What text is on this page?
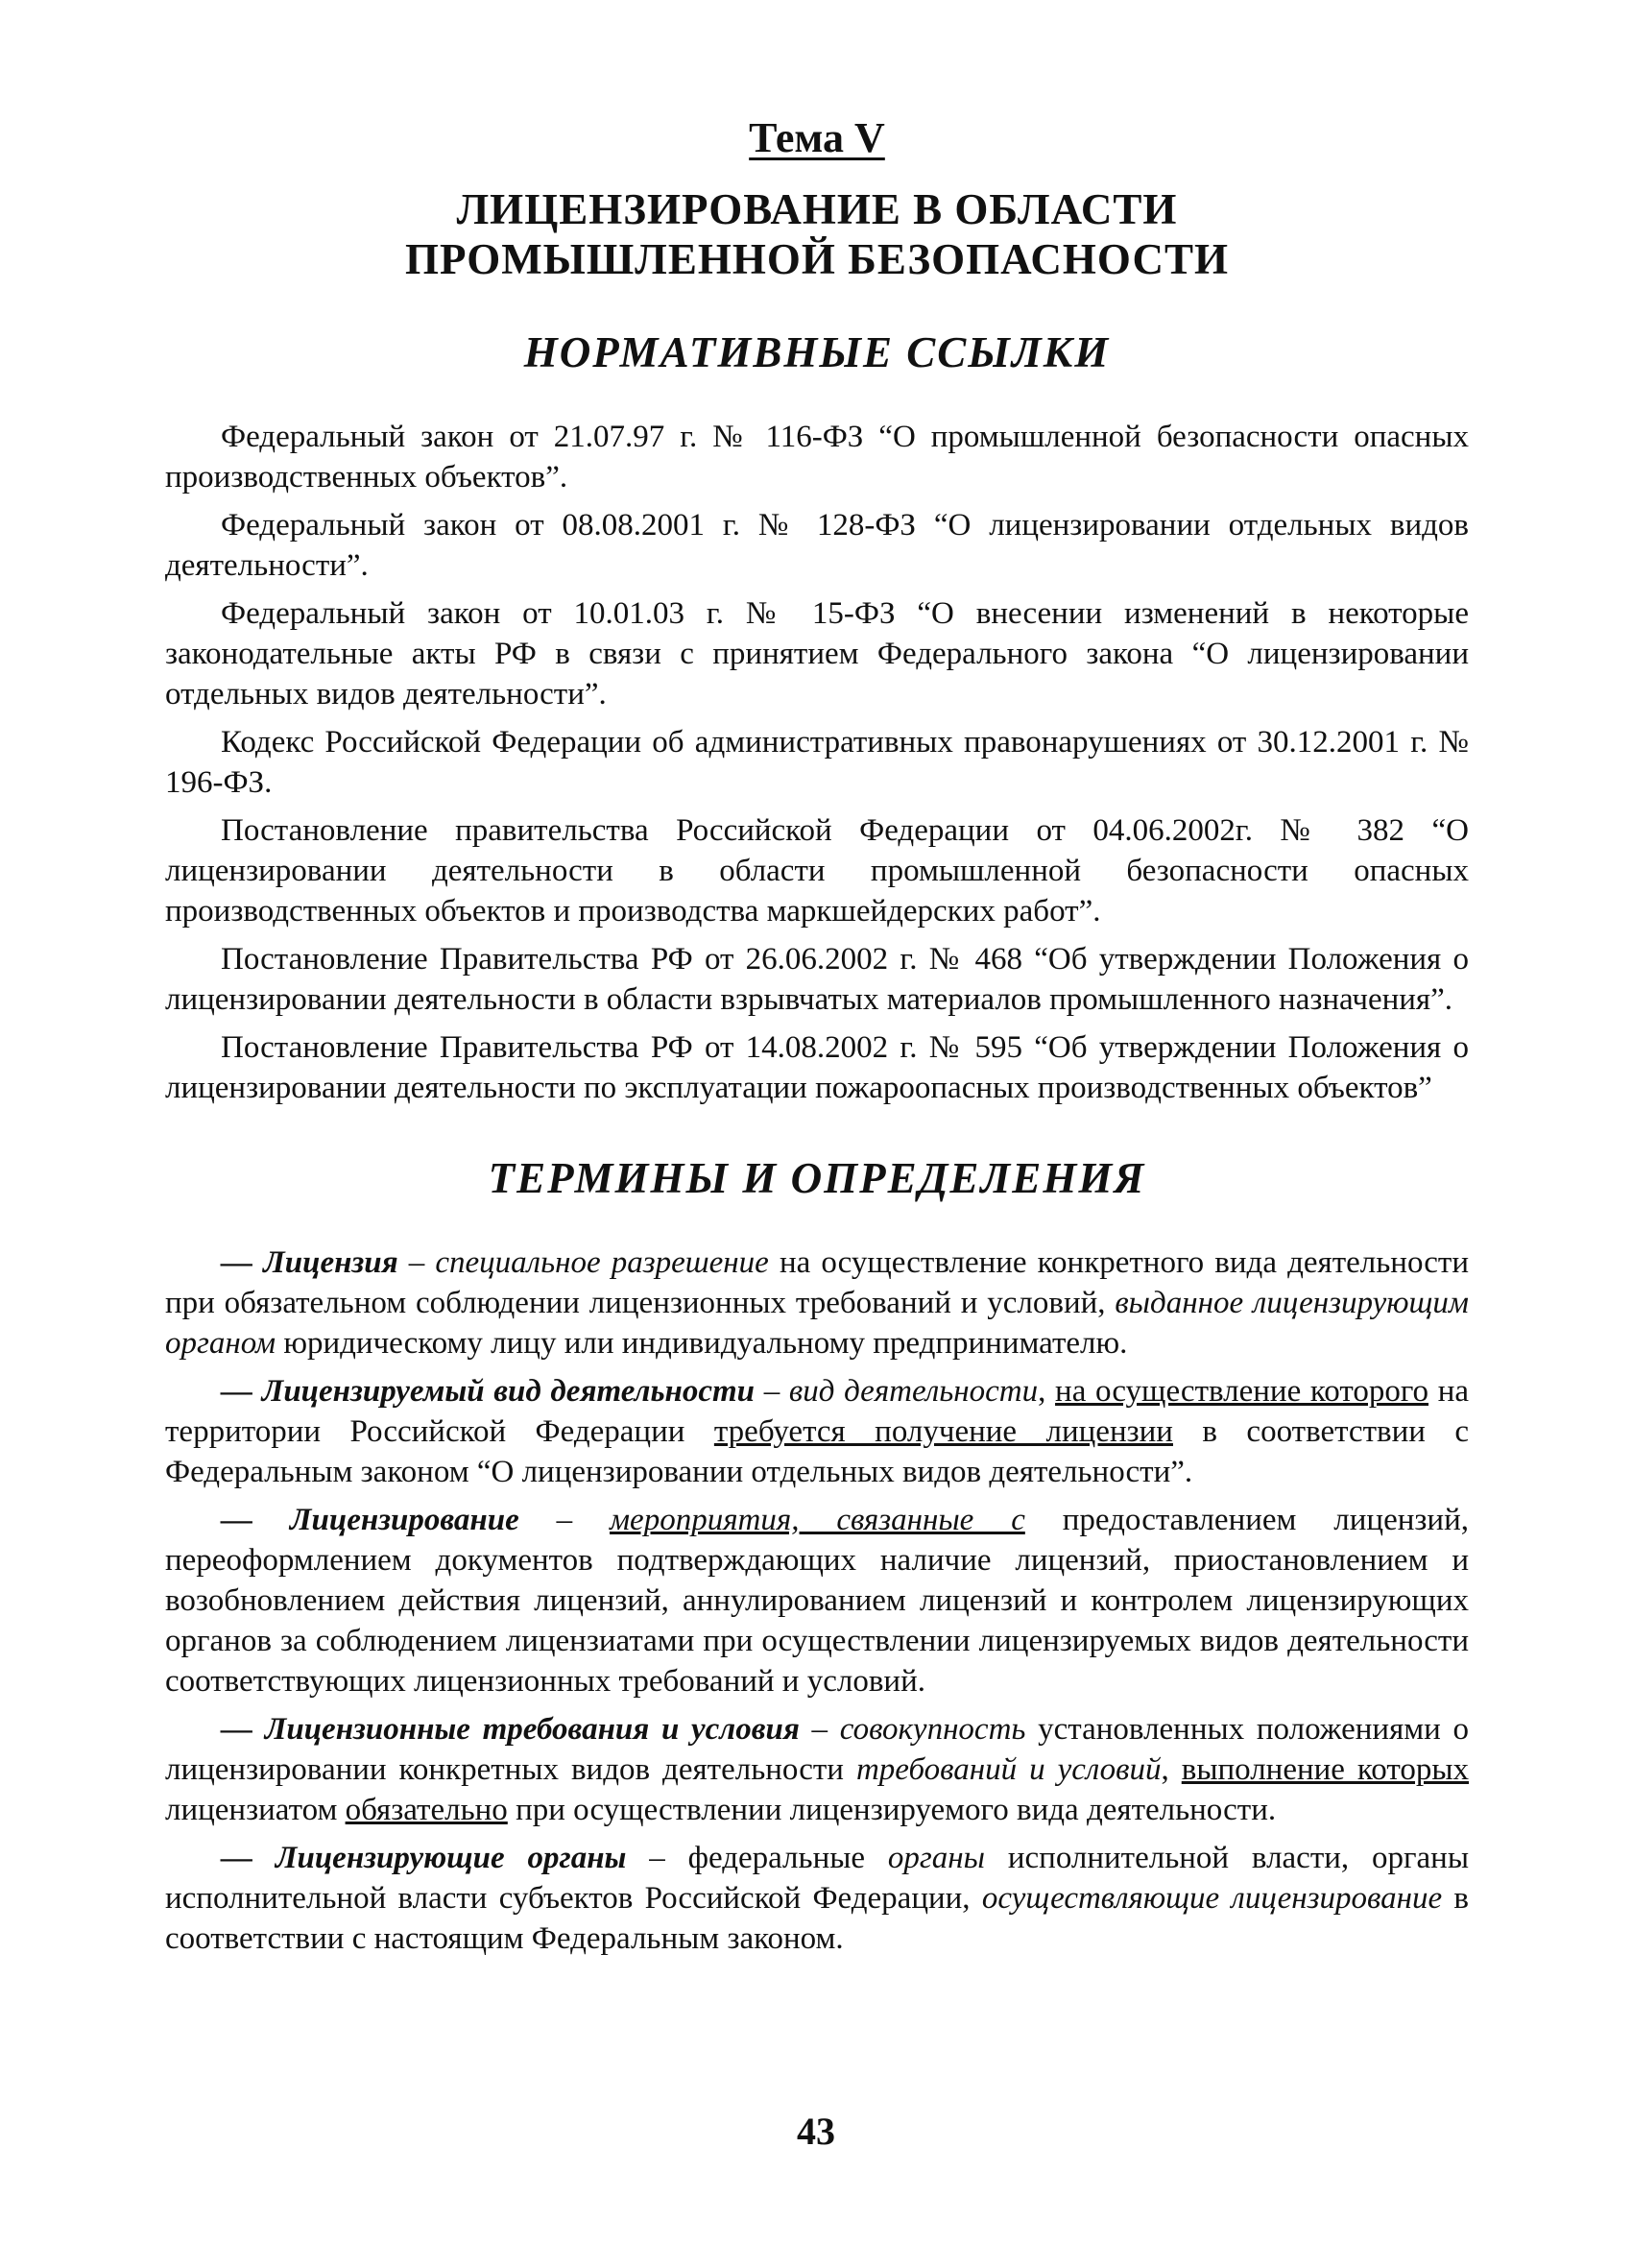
Тема V
ЛИЦЕНЗИРОВАНИЕ В ОБЛАСТИ
ПРОМЫШЛЕННОЙ БЕЗОПАСНОСТИ
НОРМАТИВНЫЕ ССЫЛКИ

Федеральный закон от 21.07.97 г. № 116-ФЗ “О промышленной безопасности опасных производственных объектов”.

Федеральный закон от 08.08.2001 г. № 128-ФЗ “О лицензировании отдельных видов деятельности”.

Федеральный закон от 10.01.03 г. № 15-ФЗ “О внесении изменений в некоторые законодательные акты РФ в связи с принятием Федерального закона “О лицензировании отдельных видов деятельности”.

Кодекс Российской Федерации об административных правонарушениях от 30.12.2001 г. № 196-ФЗ.

Постановление правительства Российской Федерации от 04.06.2002г. № 382 “О лицензировании деятельности в области промышленной безопасности опасных производственных объектов и производства маркшейдерских работ”.

Постановление Правительства РФ от 26.06.2002 г. № 468 “Об утверждении Положения о лицензировании деятельности в области взрывчатых материалов промышленного назначения”.

Постановление Правительства РФ от 14.08.2002 г. № 595 “Об утверждении Положения о лицензировании деятельности по эксплуатации пожароопасных производственных объектов”

ТЕРМИНЫ И ОПРЕДЕЛЕНИЯ

— Лицензия – специальное разрешение на осуществление конкретного вида деятельности при обязательном соблюдении лицензионных требований и условий, выданное лицензирующим органом юридическому лицу или индивидуальному предпринимателю.

— Лицензируемый вид деятельности – вид деятельности, на осуществление которого на территории Российской Федерации требуется получение лицензии в соответствии с Федеральным законом “О лицензировании отдельных видов деятельности”.

— Лицензирование – мероприятия, связанные с предоставлением лицензий, переоформлением документов подтверждающих наличие лицензий, приостановлением и возобновлением действия лицензий, аннулированием лицензий и контролем лицензирующих органов за соблюдением лицензиатами при осуществлении лицензируемых видов деятельности соответствующих лицензионных требований и условий.

— Лицензионные требования и условия – совокупность установленных положениями о лицензировании конкретных видов деятельности требований и условий, выполнение которых лицензиатом обязательно при осуществлении лицензируемого вида деятельности.

— Лицензирующие органы – федеральные органы исполнительной власти, органы исполнительной власти субъектов Российской Федерации, осуществляющие лицензирование в соответствии с настоящим Федеральным законом.

43
